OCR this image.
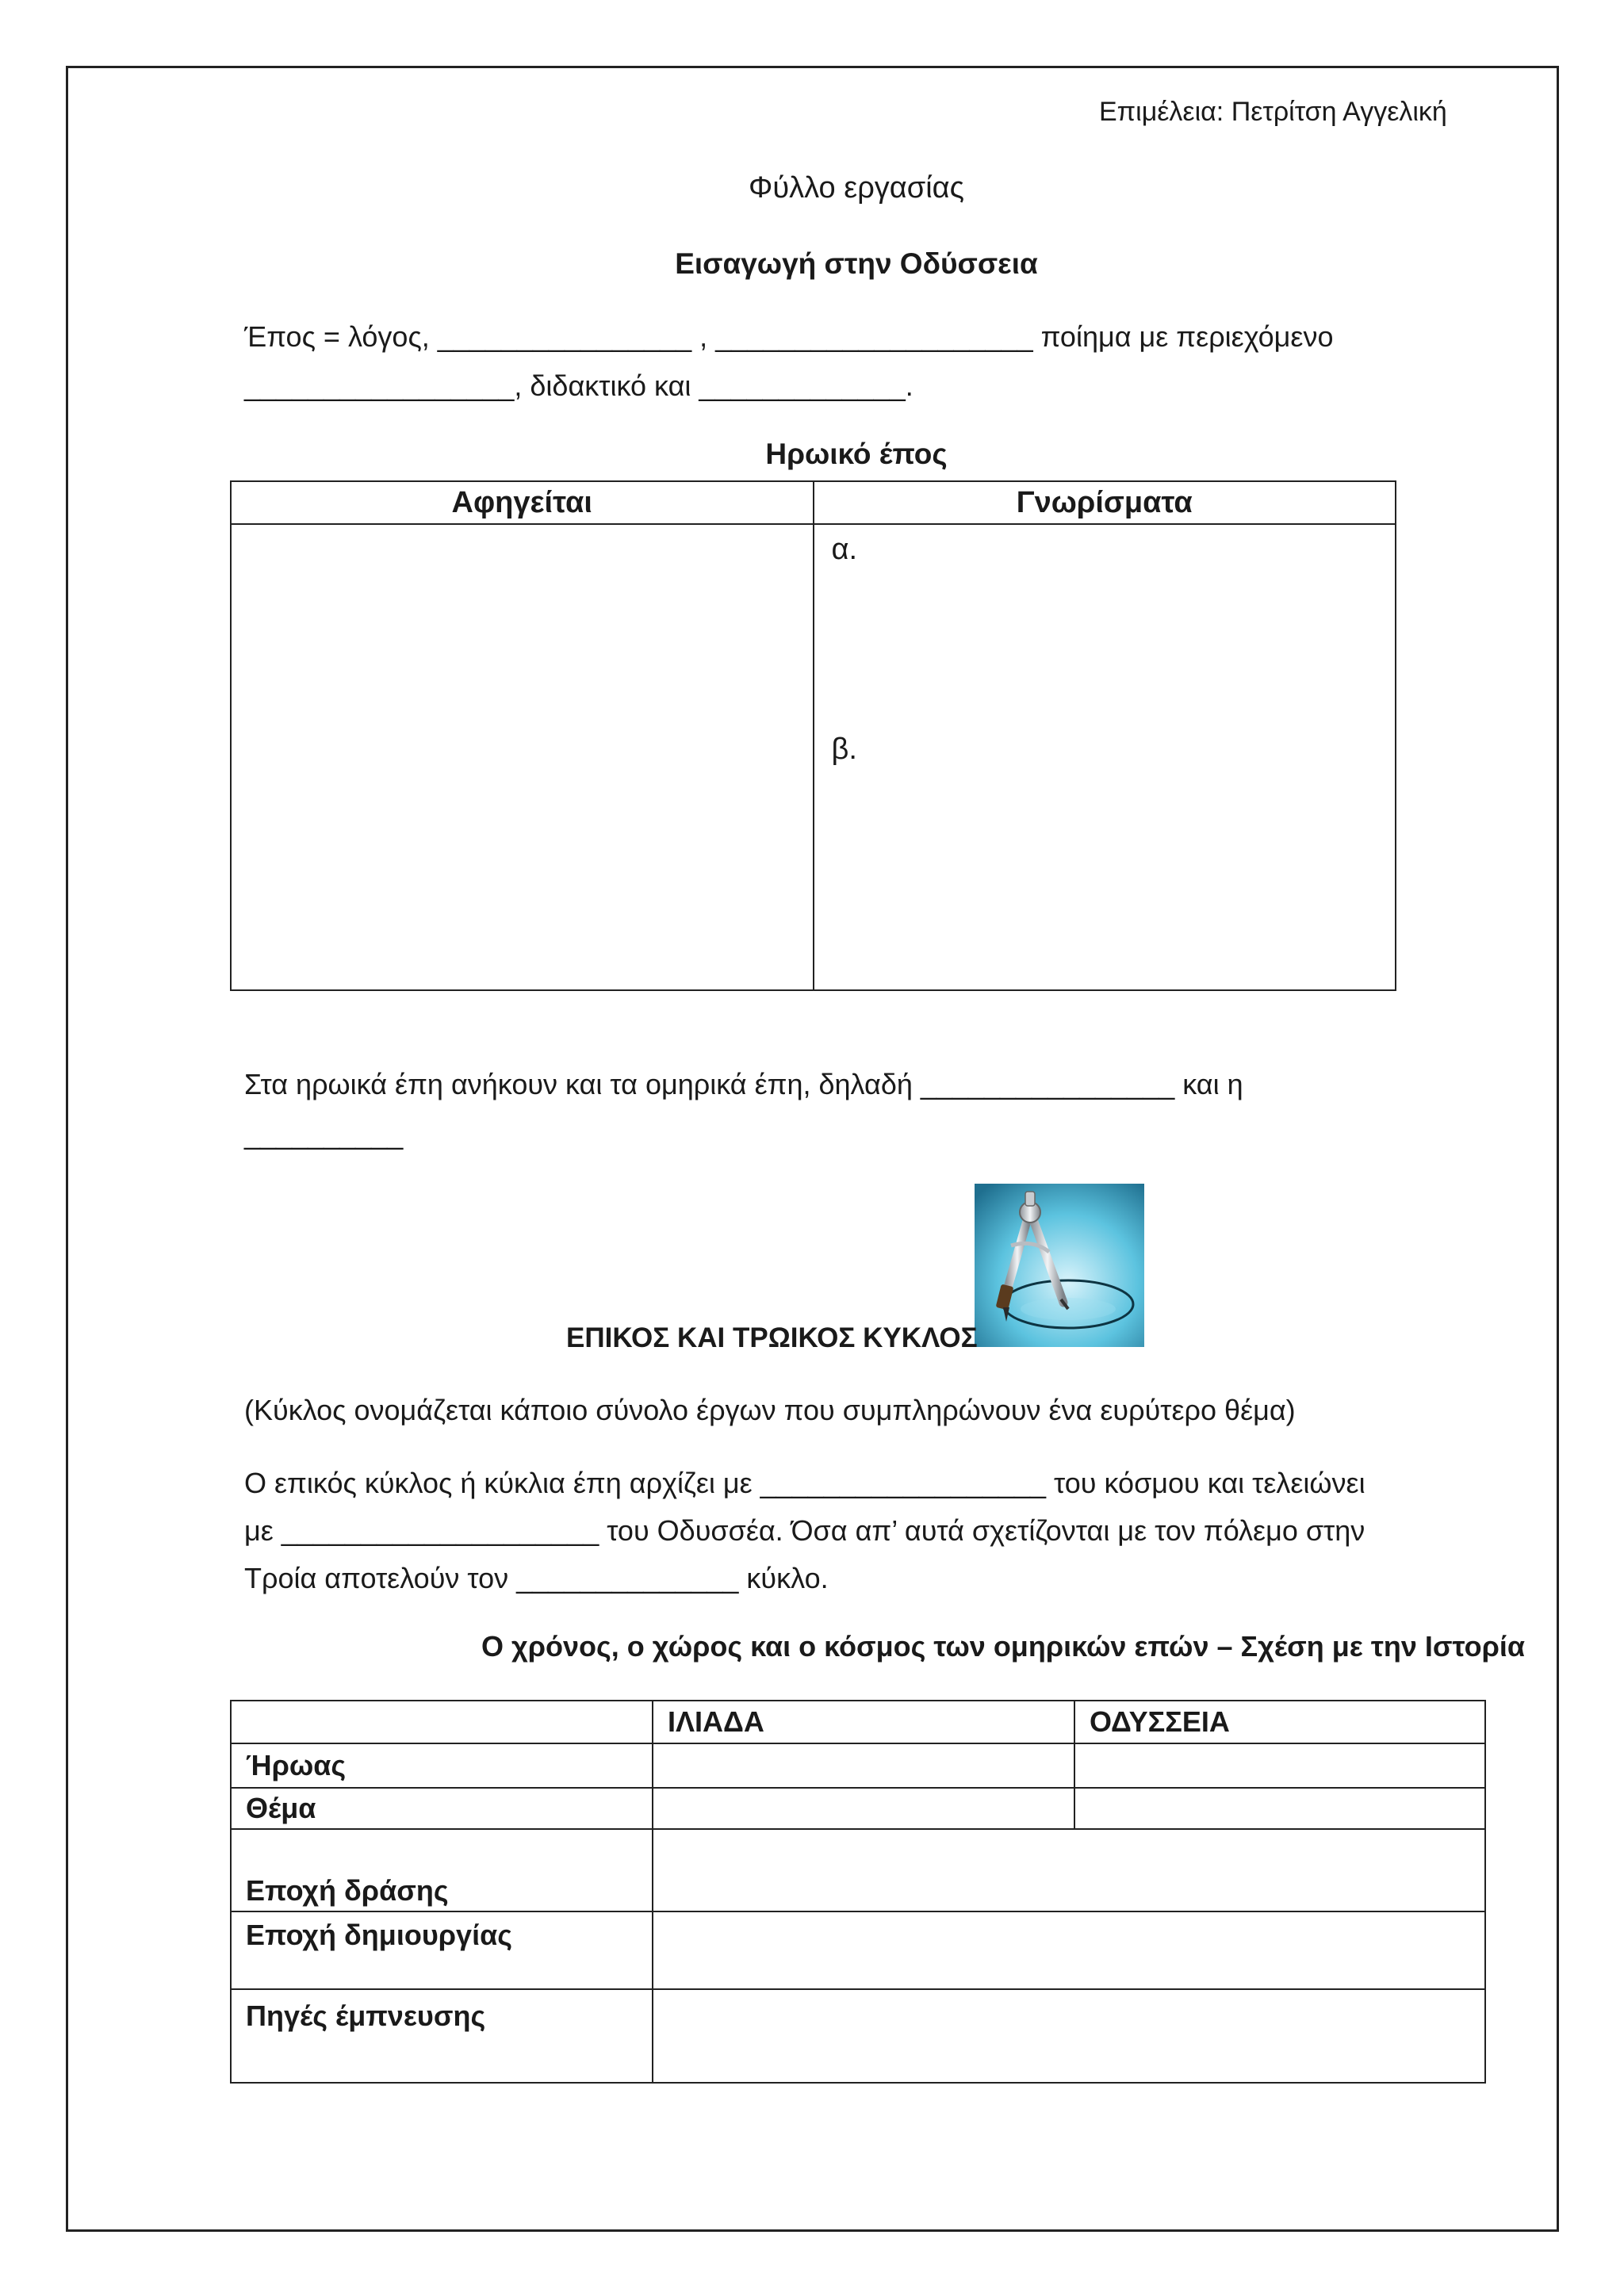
Επιμέλεια: Πετρίτση Αγγελική
Φύλλο εργασίας
Εισαγωγή στην Οδύσσεια
Έπος = λόγος, ________________ , ____________________ ποίημα με περιεχόμενο
_________________, διδακτικό και _____________.
Ηρωικό έπος
Αφηγείται	Γνωρίσματα

	α.
β.
Στα ηρωικά έπη ανήκουν και τα ομηρικά έπη, δηλαδή ________________ και η
__________
ΕΠΙΚΟΣ ΚΑΙ ΤΡΩΙΚΟΣ ΚΥΚΛΟΣ
(Κύκλος ονομάζεται κάποιο σύνολο έργων που συμπληρώνουν ένα ευρύτερο θέμα)
Ο επικός κύκλος ή κύκλια έπη αρχίζει με __________________ του κόσμου και τελειώνει
με ____________________ του Οδυσσέα. Όσα απ’ αυτά σχετίζονται με τον πόλεμο στην
Τροία αποτελούν τον ______________ κύκλο.
Ο χρόνος, ο χώρος και ο κόσμος των ομηρικών επών – Σχέση με την Ιστορία
	ΙΛΙΑΔΑ	ΟΔΥΣΣΕΙΑ
Ήρωας		
Θέμα		
Εποχή δράσης		
Εποχή δημιουργίας		
Πηγές έμπνευσης		
